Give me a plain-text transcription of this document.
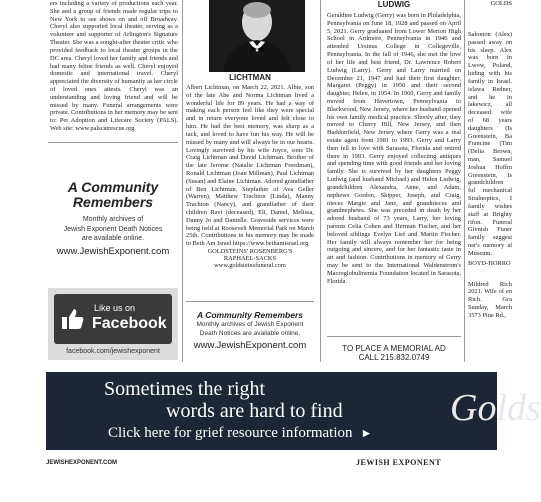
ers including a variety of productions each year. She and a group of friends made regular trips to New York to see shows on and off Broadway. Cheryl also supported local theater, serving as a volunteer and supporter of Arlington's Signature Theater. She was a sought-after theater critic who provided feedback to local theater groups in the DC area. Cheryl loved her family and friends and had many feline friends as well. Cheryl enjoyed domestic and international travel. Cheryl appreciated the diversity of humanity as her circle of loved ones attests. Cheryl was an understanding and loving friend and will be missed by many. Funeral arrangements were private. Contributions in her memory may be sent to: Pet Adoption and Lifecare Society (PALS). Web site: www.palscatrescue.org

A Community
Remembers
Monthly archives of
Jewish Exponent Death Notices
are available online.
www.JewishExponent.com
Like us on
Facebook
facebook.com/jewishexponent
LICHTMAN

Albert Lichtman, on March 22, 2021. Albie, son of the late Abe and Norma Lichtman lived a wonderful life for 89 years. He had a way of making each person feel like they were special and in return everyone loved and felt close to him. He had the best memory, was sharp as a tack, and loved to have fun his way. He will be missed by many and will always be in our hearts. Lovingly survived by his wife Joyce, sons Dr. Craig Lichtman and David Lichtman. Brother of the late Jerome (Natalie Lichtman Freedman), Ronald Lichtman (Joan Millman), Paul Lichtman (Susan) and Elaine Lichtman. Adored grandfather of Ben Lichtman. Stepfather of Ava Geller (Warren), Matthew Trachton (Linda), Manny Trachton (Nancy), and grandfather of their children Ravi (deceased), Eli, Daniel, Melissa, Danny Jo and Danielle. Graveside services were being held at Roosevelt Memorial Park on March 25th. Contributions in his memory may be made to Beth Am Israel https://www.bethamisrael.org

GOLDSTEINS' ROSENBERG'S
RAPHAEL-SACKS
www.goldsteinsfuneral.com
A Community Remembers
Monthly archives of Jewish Exponent
Death Notices are available online.
www.JewishExponent.com
LUDWIG

Geraldine Ludwig (Gerry) was born in Philadelphia, Pennsylvania on June 18, 1928 and passed on April 5, 2021. Gerry graduated from Lower Merion High School in Ardmore, Pennsylvania in 1946 and attended Ursinus College in Collegeville, Pennsylvania. In the fall of 1946, she met the love of her life and best friend, Dr. Lawrence Robert Ludwig (Larry). Gerry and Larry married on December 21, 1947 and had their first daughter, Margaret (Peggy) in 1950 and their second daughter, Helen, in 1954. In 1960, Gerry and family moved from Havertown, Pennsylvania to Blackwood, New Jersey, where her husband opened his own family medical practice. Shortly after, they moved to Cherry Hill, New Jersey, and then Haddonfield, New Jersey where Gerry was a real estate agent from 1981 to 1993. Gerry and Larry then fell in love with Sarasota, Florida and retired there in 1993. Gerry enjoyed collecting antiques and spending time with good friends and her loving family. She is survived by her daughters Peggy Ludwig (and husband Michael) and Helen Ludwig, grandchildren Alexandra, Anne, and Adam, nephews Gordon, Skipper, Joseph, and Craig, nieces Margie and Jane, and grandnieces and grandnephews. She was preceded in death by her adored husband of 73 years, Larry, her loving parents Celia Cohen and Herman Fischer, and her beloved siblings Evelyn Lief and Martin Fischer. Her family will always remember her for being outgoing and sincere, and for her fantastic taste in art and fashion. Contributions in memory of Gerry may be sent to the International Waldenstrom's Macroglobulinemia Foundation located in Sarasota, Florida.

TO PLACE A MEMORIAL AD
CALL 215.832.0749
GOLDS

Salomon (Alex) passed away on his sleep. Alex was born in Lwow, Poland, hiding with his family in Israel. islawa Redner, and he in lakewicz, all deceased. wife of 68 years daughters (Is Greenstein, Ba Francine (Tim (Delia Brown, man, Samuel Joshua Hoffm Greenstein, Is grandchildren ful mechanical Stralnoptics, I family wishes staff at Brighty rifon. Funeral Givnish Funer family suggest ner's memory al Museum.

BOYD-HORRO

Mildred Rich 2021. Wife of en Rich. Gra Sunday, March 3573 Pine Rd.,

Sometimes the right
words are hard to find
Click here for grief resource information ►
Golds
JEWISHEXPONENT.COM	JEWISH EXPONENT
